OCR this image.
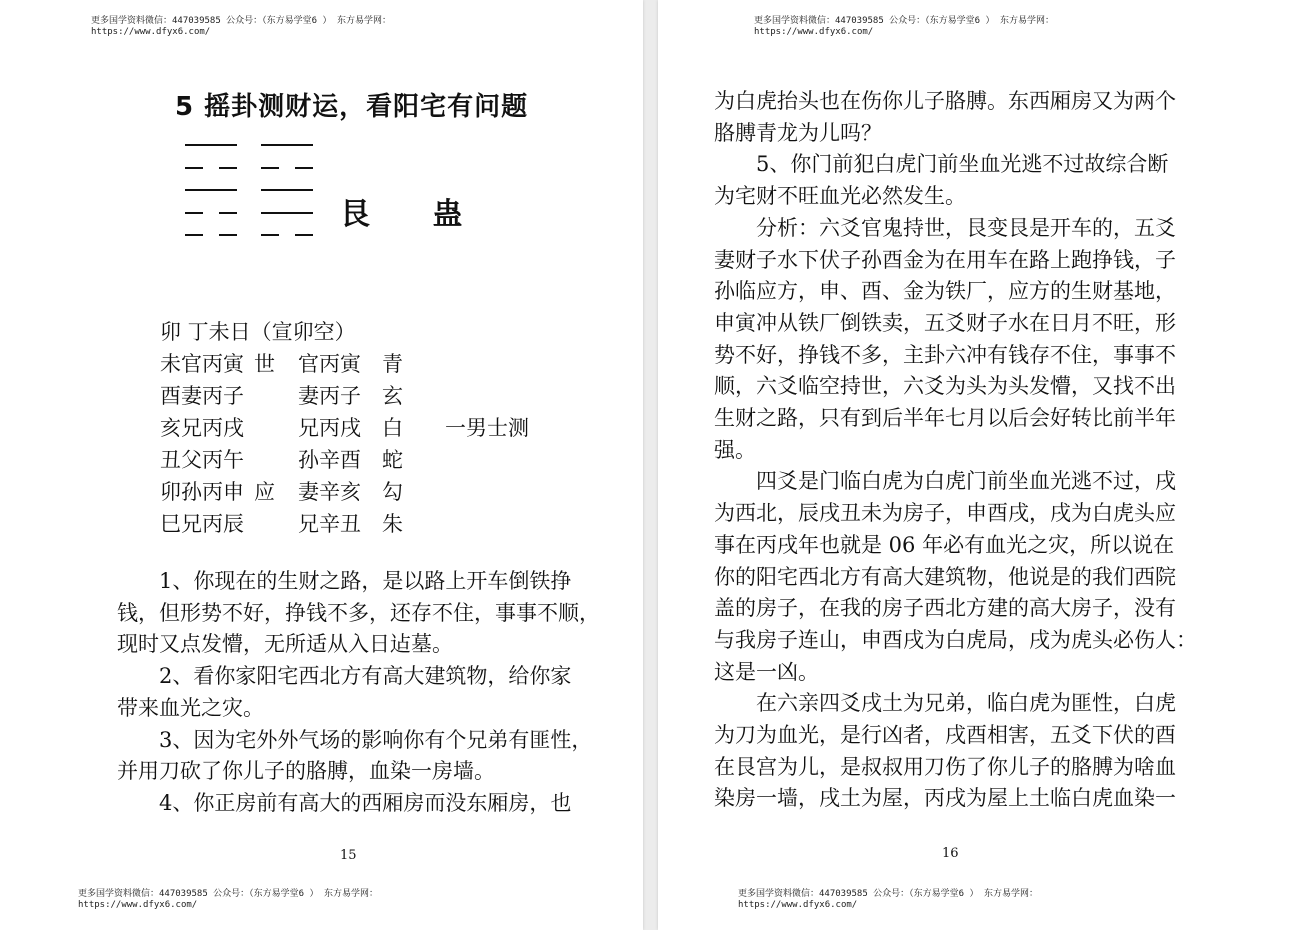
更多国学资料微信：447039585 公众号：（东方易学堂6 ） 东方易学网：
https://www.dfyx6.com/
5 摇卦测财运，看阳宅有问题
艮 蛊
卯 丁未日（宣卯空）
　　1、你现在的生财之路，是以路上开车倒铁挣
钱，但形势不好，挣钱不多，还存不住，事事不顺，
现时又点发懵，无所适从入日迠墓。
　　2、看你家阳宅西北方有高大建筑物，给你家
带来血光之灾。
　　3、因为宅外外气场的影响你有个兄弟有匪性，
并用刀砍了你儿子的胳膊，血染一房墙。
　　4、你正房前有高大的西厢房而没东厢房，也
15
更多国学资料微信：447039585 公众号：（东方易学堂6 ） 东方易学网：
https://www.dfyx6.com/
未官丙寅 世 官丙寅 青
酉妻丙子	妻丙子 玄
亥兄丙戌	兄丙戌 白 一男士测
丑父丙午	孙辛酉 蛇
卯孙丙申 应 妻辛亥 勾
巳兄丙辰	兄辛丑 朱
更多国学资料微信：447039585 公众号：（东方易学堂6 ） 东方易学网：
https://www.dfyx6.com/
为白虎抬头也在伤你儿子胳膊。东西厢房又为两个
胳膊青龙为儿吗？
　　5、你门前犯白虎门前坐血光逃不过故综合断
为宅财不旺血光必然发生。
　　分析：六爻官鬼持世，艮变艮是开车的，五爻
妻财子水下伏子孙酉金为在用车在路上跑挣钱，子
孙临应方，申、酉、金为铁厂，应方的生财基地，
申寅冲从铁厂倒铁卖，五爻财子水在日月不旺，形
势不好，挣钱不多，主卦六冲有钱存不住，事事不
顺，六爻临空持世，六爻为头为头发懵，又找不出
生财之路，只有到后半年七月以后会好转比前半年
强。
　　四爻是门临白虎为白虎门前坐血光逃不过，戌
为西北，辰戌丑未为房子，申酉戌，戌为白虎头应
事在丙戌年也就是 06 年必有血光之灾，所以说在
你的阳宅西北方有高大建筑物，他说是的我们西院
盖的房子，在我的房子西北方建的高大房子，没有
与我房子连山，申酉戌为白虎局，戌为虎头必伤人：
这是一凶。
　　在六亲四爻戌土为兄弟，临白虎为匪性，白虎
为刀为血光，是行凶者，戌酉相害，五爻下伏的酉
在艮宫为儿，是叔叔用刀伤了你儿子的胳膊为啥血
染房一墙，戌土为屋，丙戌为屋上土临白虎血染一
16
更多国学资料微信：447039585 公众号：（东方易学堂6 ） 东方易学网：
https://www.dfyx6.com/
